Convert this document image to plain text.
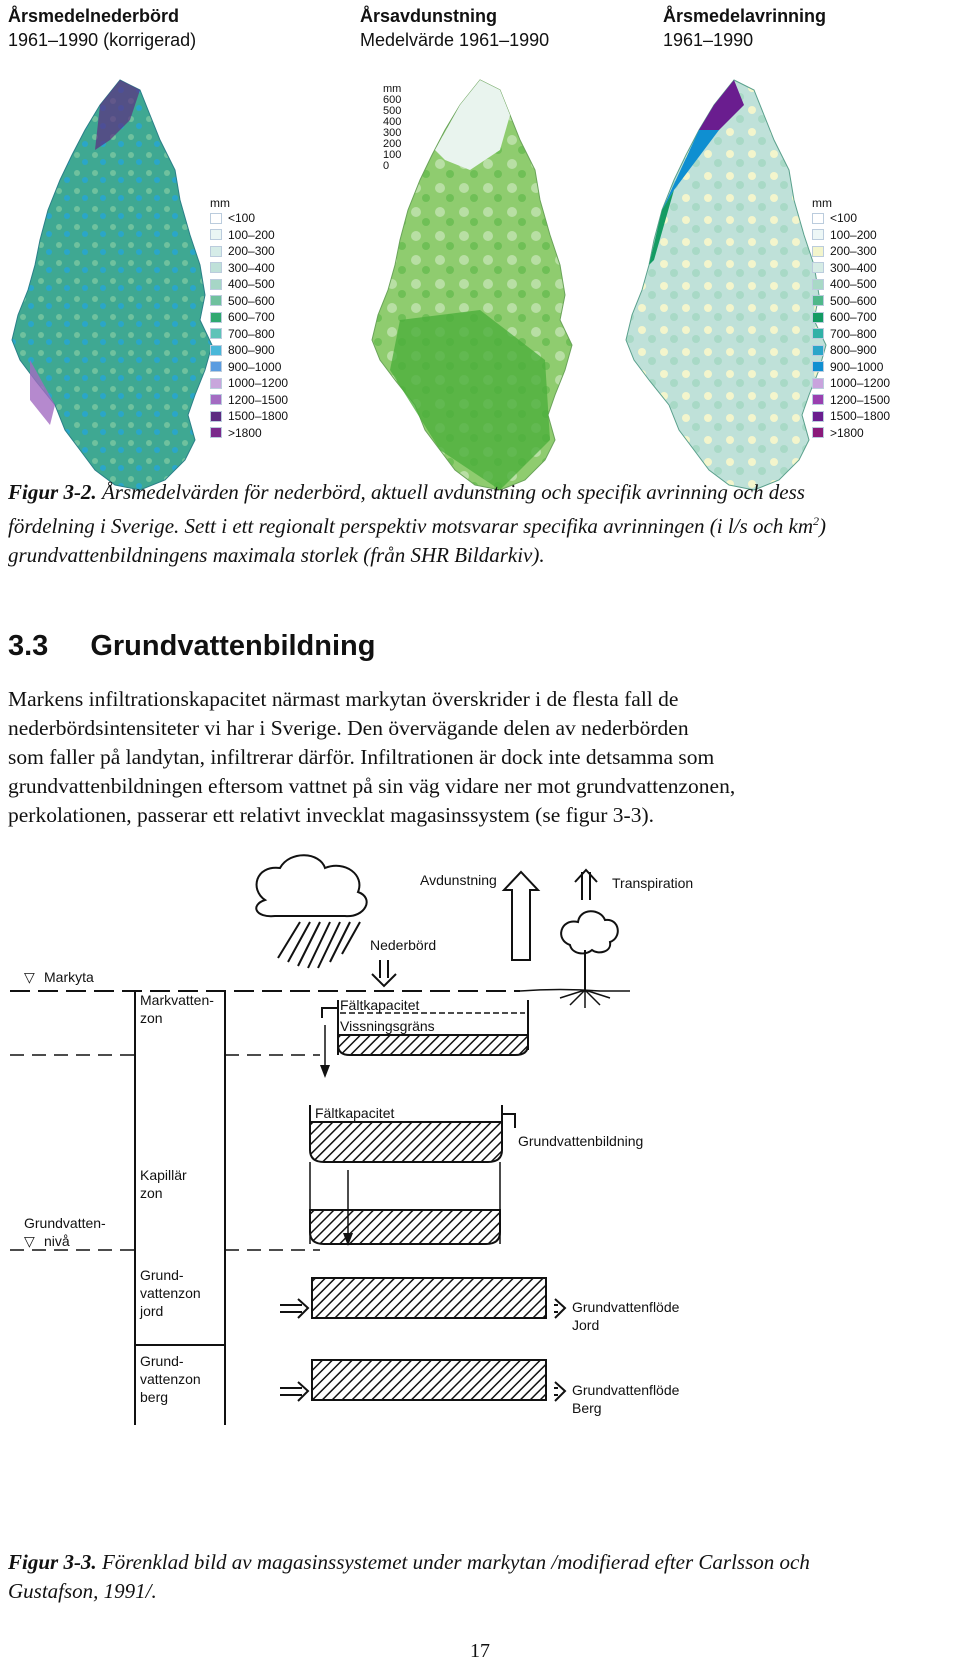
Årsmedelnederbörd
1961–1990 (korrigerad)
Årsavdunstning
Medelvärde 1961–1990
Årsmedelavrinning
1961–1990
mm
600
500
400
300
200
100
0
mm
<100
100–200
200–300
300–400
400–500
500–600
600–700
700–800
800–900
900–1000
1000–1200
1200–1500
1500–1800
>1800
mm
<100
100–200
200–300
300–400
400–500
500–600
600–700
700–800
800–900
900–1000
1000–1200
1200–1500
1500–1800
>1800
Figur 3-2. Årsmedelvärden för nederbörd, aktuell avdunstning och specifik avrinning och dess
fördelning i Sverige. Sett i ett regionalt perspektiv motsvarar specifika avrinningen (i l/s och $km^2$)
grundvattenbildningens maximala storlek (från SHR Bildarkiv).
3.3 Grundvattenbildning
Markens infiltrationskapacitet närmast markytan överskrider i de flesta fall de
nederbördsintensiteter vi har i Sverige. Den övervägande delen av nederbörden
som faller på landytan, infiltrerar därför. Infiltrationen är dock inte detsamma som
grundvattenbildningen eftersom vattnet på sin väg vidare ner mot grundvattenzonen,
perkolationen, passerar ett relativt invecklat magasinssystem (se figur 3-3).
Avdunstning	Transpiration
Nederbörd
▽ Markyta
Markvatten-
zon
Fältkapacitet
Vissningsgräns
Fältkapacitet
Grundvattenbildning
Kapillär
zon
Grundvatten-
▽ nivå
Grund-
vattenzon
jord	Grundvattenflöde
Jord
Grund-
vattenzon
berg	Grundvattenflöde
Berg
Figur 3-3. Förenklad bild av magasinssystemet under markytan /modifierad efter Carlsson och
Gustafson, 1991/.
17
